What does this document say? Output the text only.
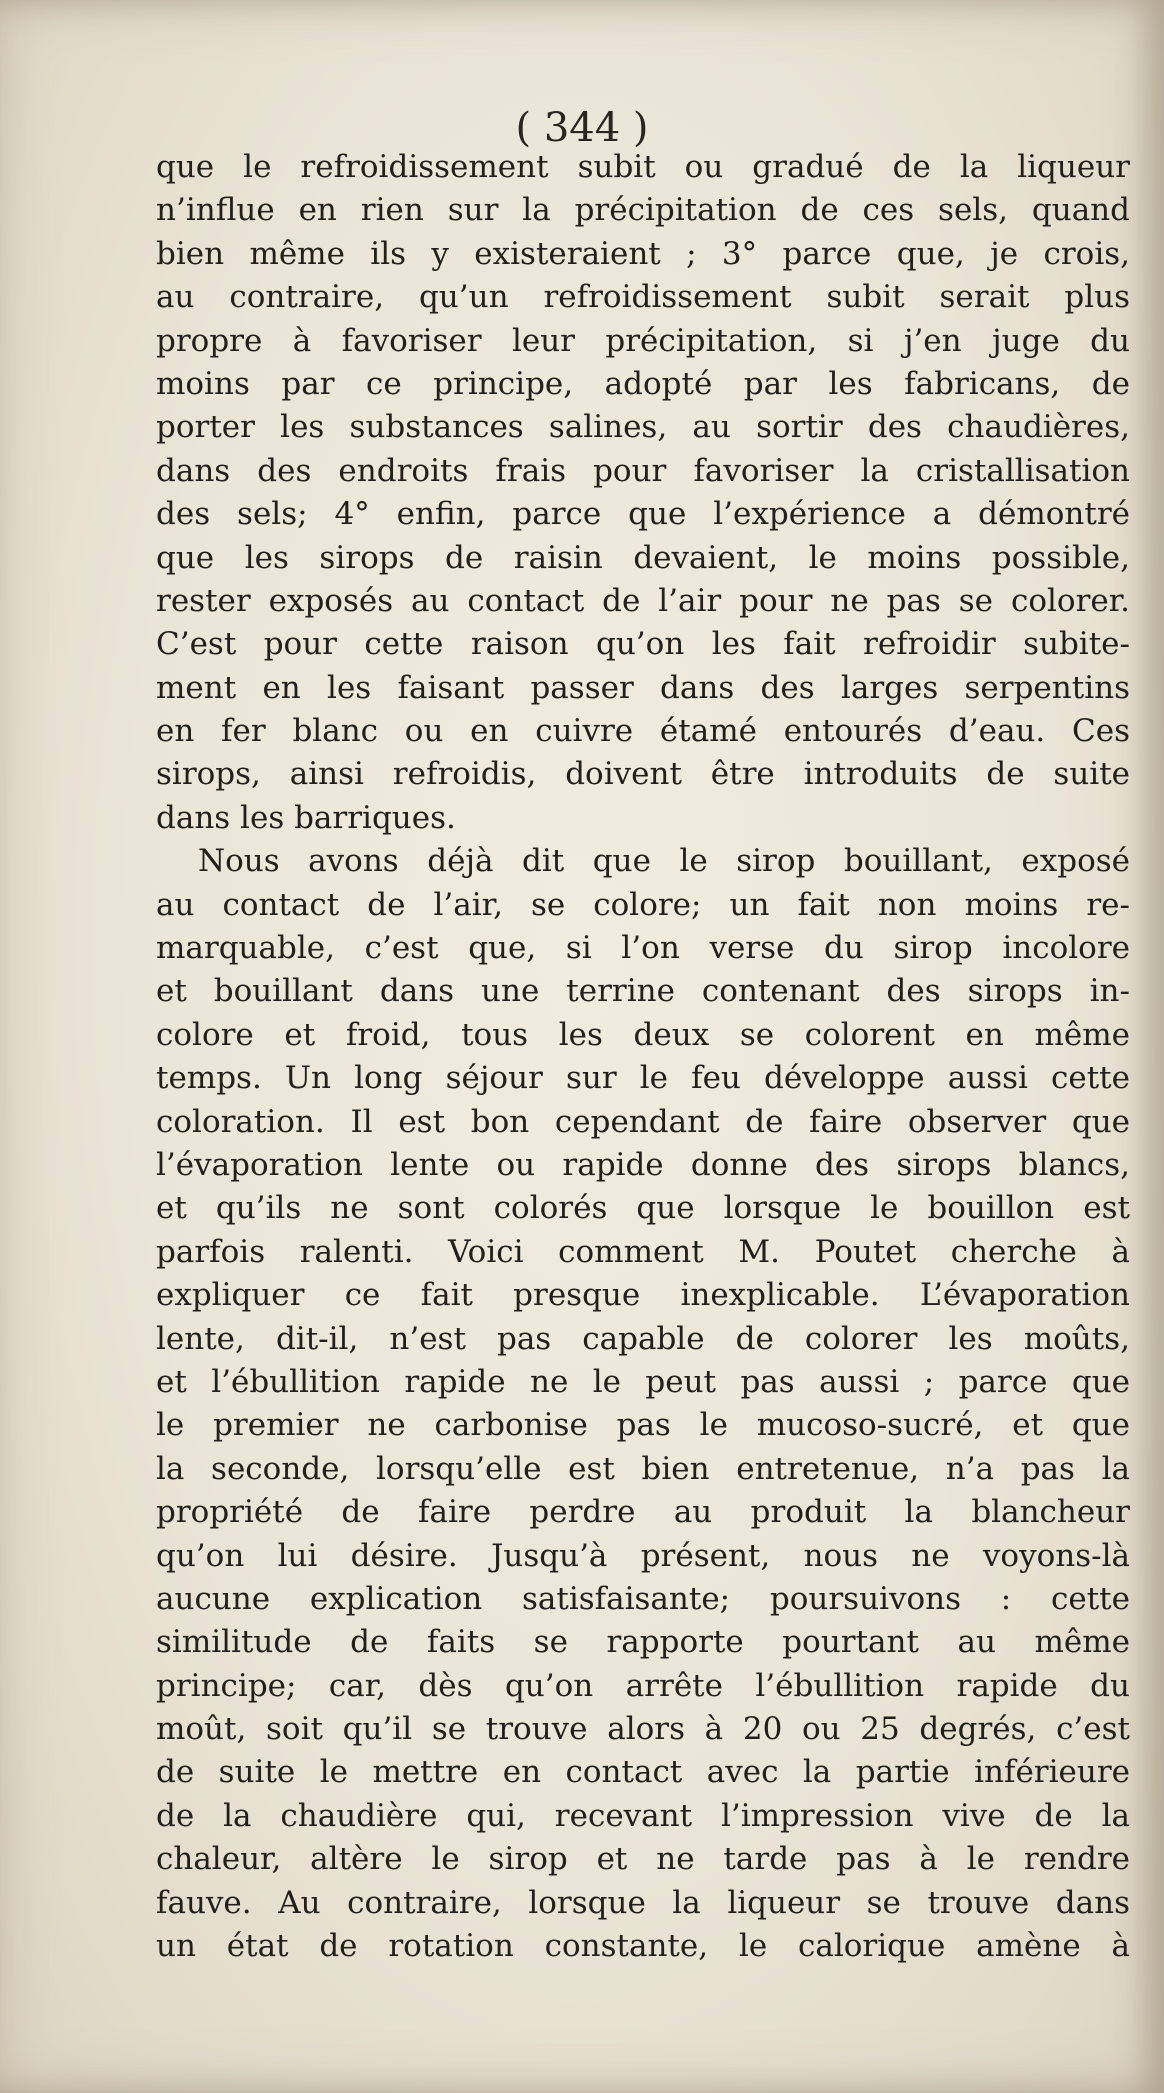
( 344 )
que le refroidissement subit ou gradué de la liqueur
n’influe en rien sur la précipitation de ces sels, quand
bien même ils y existeraient ; 3° parce que, je crois,
au contraire, qu’un refroidissement subit serait plus
propre à favoriser leur précipitation, si j’en juge du
moins par ce principe, adopté par les fabricans, de
porter les substances salines, au sortir des chaudières,
dans des endroits frais pour favoriser la cristallisation
des sels; 4° enfin, parce que l’expérience a démontré
que les sirops de raisin devaient, le moins possible,
rester exposés au contact de l’air pour ne pas se colorer.
C’est pour cette raison qu’on les fait refroidir subite-
ment en les faisant passer dans des larges serpentins
en fer blanc ou en cuivre étamé entourés d’eau. Ces
sirops, ainsi refroidis, doivent être introduits de suite
dans les barriques.
Nous avons déjà dit que le sirop bouillant, exposé
au contact de l’air, se colore; un fait non moins re-
marquable, c’est que, si l’on verse du sirop incolore
et bouillant dans une terrine contenant des sirops in-
colore et froid, tous les deux se colorent en même
temps. Un long séjour sur le feu développe aussi cette
coloration. Il est bon cependant de faire observer que
l’évaporation lente ou rapide donne des sirops blancs,
et qu’ils ne sont colorés que lorsque le bouillon est
parfois ralenti. Voici comment M. Poutet cherche à
expliquer ce fait presque inexplicable. L’évaporation
lente, dit-il, n’est pas capable de colorer les moûts,
et l’ébullition rapide ne le peut pas aussi ; parce que
le premier ne carbonise pas le mucoso-sucré, et que
la seconde, lorsqu’elle est bien entretenue, n’a pas la
propriété de faire perdre au produit la blancheur
qu’on lui désire. Jusqu’à présent, nous ne voyons-là
aucune explication satisfaisante; poursuivons : cette
similitude de faits se rapporte pourtant au même
principe; car, dès qu’on arrête l’ébullition rapide du
moût, soit qu’il se trouve alors à 20 ou 25 degrés, c’est
de suite le mettre en contact avec la partie inférieure
de la chaudière qui, recevant l’impression vive de la
chaleur, altère le sirop et ne tarde pas à le rendre
fauve. Au contraire, lorsque la liqueur se trouve dans
un état de rotation constante, le calorique amène à
